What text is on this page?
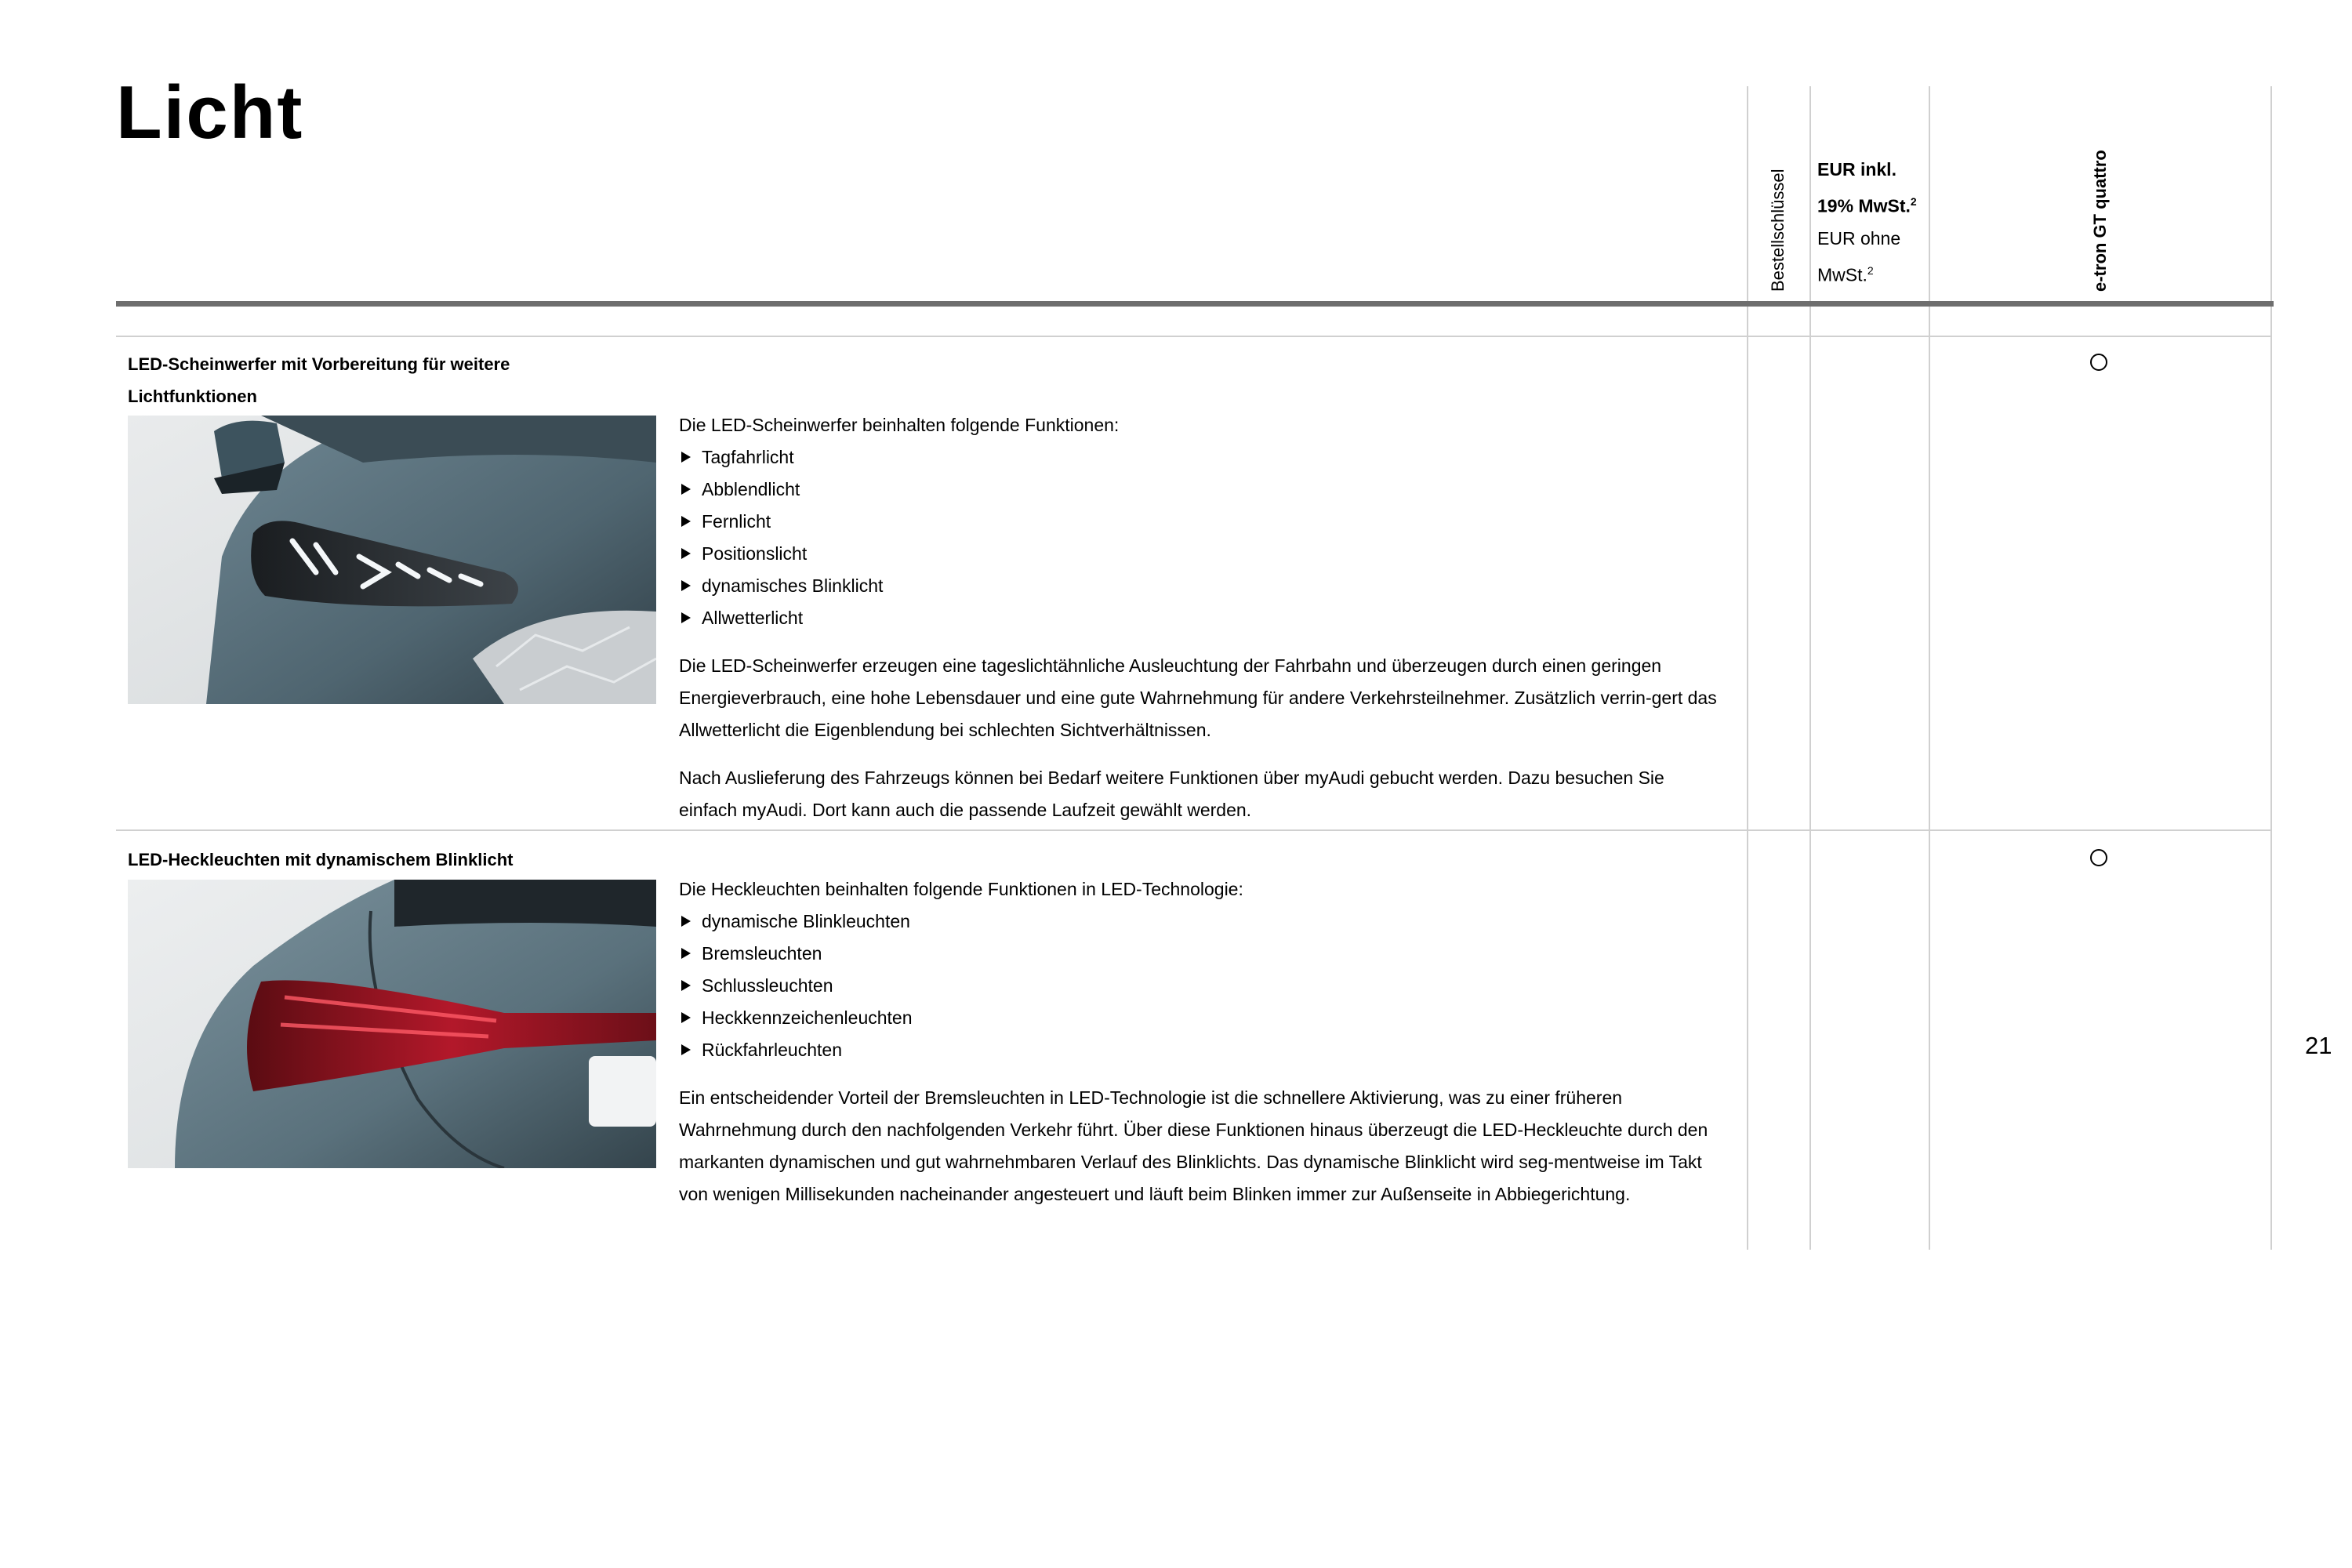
Licht
Bestellschlüssel EUR inkl.
19% MwSt.$^2$
EUR ohne
MwSt.$^2$	e-tron GT quattro
LED-Scheinwerfer mit Vorbereitung für weitere
Lichtfunktionen
Die LED-Scheinwerfer beinhalten folgende Funktionen:
Tagfahrlicht
Abblendlicht
Fernlicht
Positionslicht
dynamisches Blinklicht
Allwetterlicht

Die LED-Scheinwerfer erzeugen eine tageslichtähnliche Ausleuchtung der Fahrbahn und überzeugen durch einen geringen Energieverbrauch, eine hohe Lebensdauer und eine gute Wahrnehmung für andere Verkehrsteilnehmer. Zusätzlich verrin-gert das Allwetterlicht die Eigenblendung bei schlechten Sichtverhältnissen.

Nach Auslieferung des Fahrzeugs können bei Bedarf weitere Funktionen über myAudi gebucht werden. Dazu besuchen Sie einfach myAudi. Dort kann auch die passende Laufzeit gewählt werden.

LED-Heckleuchten mit dynamischem Blinklicht
Die Heckleuchten beinhalten folgende Funktionen in LED-Technologie:
dynamische Blinkleuchten
Bremsleuchten
Schlussleuchten
Heckkennzeichenleuchten
Rückfahrleuchten

Ein entscheidender Vorteil der Bremsleuchten in LED-Technologie ist die schnellere Aktivierung, was zu einer früheren Wahrnehmung durch den nachfolgenden Verkehr führt. Über diese Funktionen hinaus überzeugt die LED-Heckleuchte durch den markanten dynamischen und gut wahrnehmbaren Verlauf des Blinklichts. Das dynamische Blinklicht wird seg-mentweise im Takt von wenigen Millisekunden nacheinander angesteuert und läuft beim Blinken immer zur Außenseite in Abbiegerichtung.

21
